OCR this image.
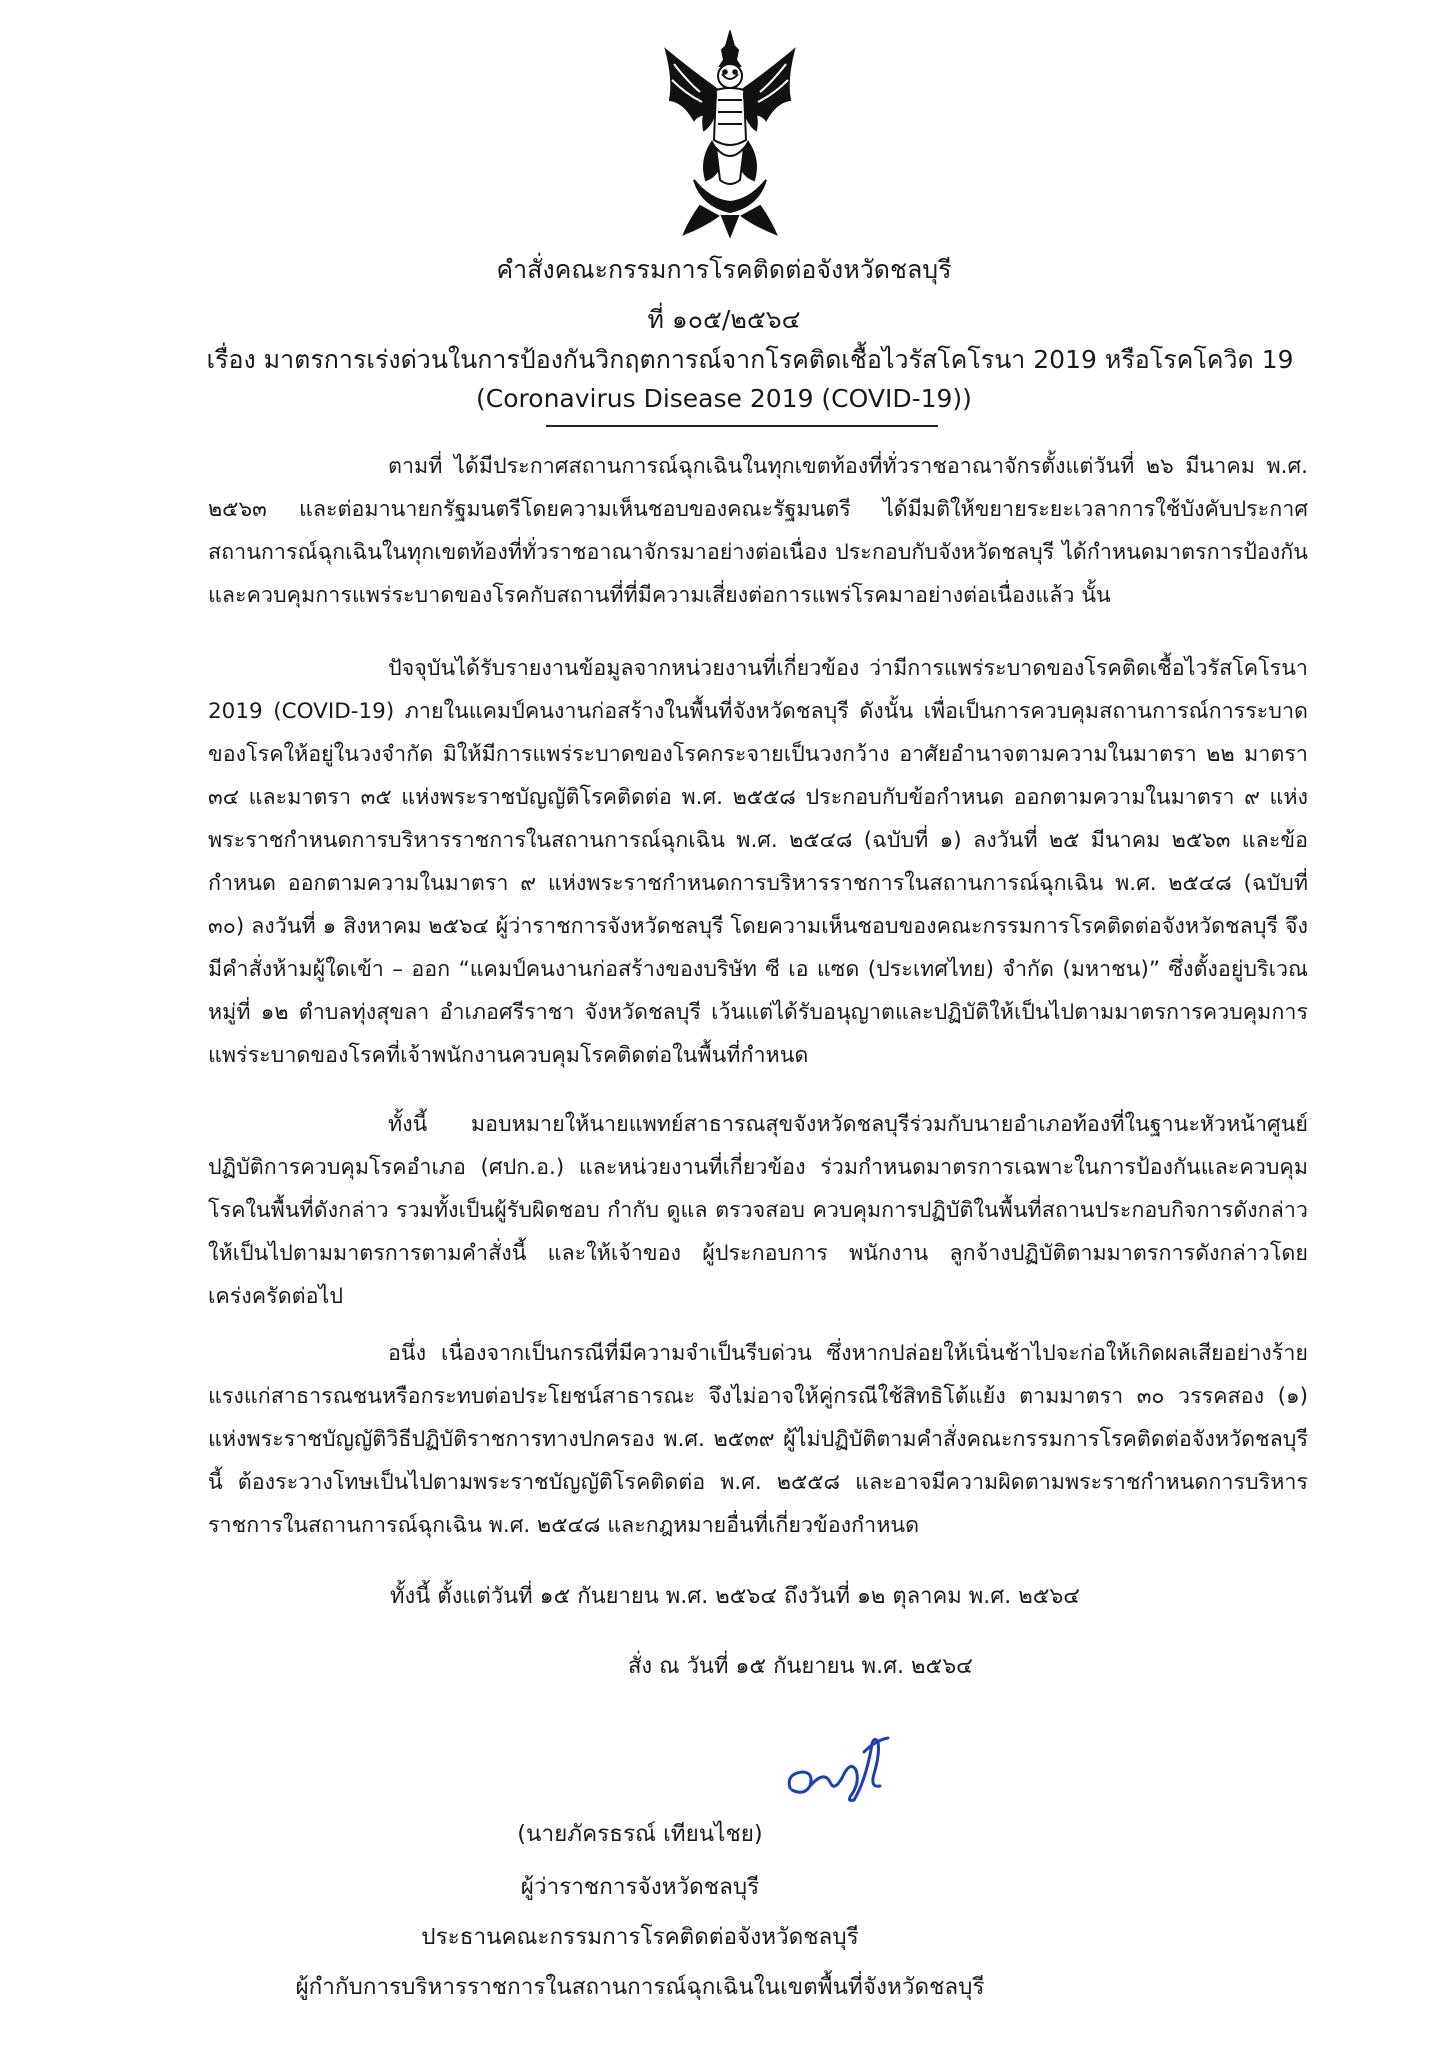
คำสั่งคณะกรรมการโรคติดต่อจังหวัดชลบุรี
ที่ ๑๐๕/๒๕๖๔
เรื่อง มาตรการเร่งด่วนในการป้องกันวิกฤตการณ์จากโรคติดเชื้อไวรัสโคโรนา 2019 หรือโรคโควิด 19
(Coronavirus Disease 2019 (COVID-19))

ตามที่ ได้มีประกาศสถานการณ์ฉุกเฉินในทุกเขตท้องที่ทั่วราชอาณาจักรตั้งแต่วันที่ ๒๖ มีนาคม พ.ศ. ๒๕๖๓ และต่อมานายกรัฐมนตรีโดยความเห็นชอบของคณะรัฐมนตรี ได้มีมติให้ขยายระยะเวลาการใช้บังคับประกาศสถานการณ์ฉุกเฉินในทุกเขตท้องที่ทั่วราชอาณาจักรมาอย่างต่อเนื่อง ประกอบกับจังหวัดชลบุรี ได้กำหนดมาตรการป้องกันและควบคุมการแพร่ระบาดของโรคกับสถานที่ที่มีความเสี่ยงต่อการแพร่โรคมาอย่างต่อเนื่องแล้ว นั้น

ปัจจุบันได้รับรายงานข้อมูลจากหน่วยงานที่เกี่ยวข้อง ว่ามีการแพร่ระบาดของโรคติดเชื้อไวรัสโคโรนา 2019 (COVID-19) ภายในแคมป์คนงานก่อสร้างในพื้นที่จังหวัดชลบุรี ดังนั้น เพื่อเป็นการควบคุมสถานการณ์การระบาดของโรคให้อยู่ในวงจำกัด มิให้มีการแพร่ระบาดของโรคกระจายเป็นวงกว้าง อาศัยอำนาจตามความในมาตรา ๒๒ มาตรา ๓๔ และมาตรา ๓๕ แห่งพระราชบัญญัติโรคติดต่อ พ.ศ. ๒๕๕๘ ประกอบกับข้อกำหนด ออกตามความในมาตรา ๙ แห่งพระราชกำหนดการบริหารราชการในสถานการณ์ฉุกเฉิน พ.ศ. ๒๕๔๘ (ฉบับที่ ๑) ลงวันที่ ๒๕ มีนาคม ๒๕๖๓ และข้อกำหนด ออกตามความในมาตรา ๙ แห่งพระราชกำหนดการบริหารราชการในสถานการณ์ฉุกเฉิน พ.ศ. ๒๕๔๘ (ฉบับที่ ๓๐) ลงวันที่ ๑ สิงหาคม ๒๕๖๔ ผู้ว่าราชการจังหวัดชลบุรี โดยความเห็นชอบของคณะกรรมการโรคติดต่อจังหวัดชลบุรี จึงมีคำสั่งห้ามผู้ใดเข้า – ออก “แคมป์คนงานก่อสร้างของบริษัท ซี เอ แซด (ประเทศไทย) จำกัด (มหาชน)” ซึ่งตั้งอยู่บริเวณหมู่ที่ ๑๒ ตำบลทุ่งสุขลา อำเภอศรีราชา จังหวัดชลบุรี เว้นแต่ได้รับอนุญาตและปฏิบัติให้เป็นไปตามมาตรการควบคุมการแพร่ระบาดของโรคที่เจ้าพนักงานควบคุมโรคติดต่อในพื้นที่กำหนด

ทั้งนี้ มอบหมายให้นายแพทย์สาธารณสุขจังหวัดชลบุรีร่วมกับนายอำเภอท้องที่ในฐานะหัวหน้าศูนย์ปฏิบัติการควบคุมโรคอำเภอ (ศปก.อ.) และหน่วยงานที่เกี่ยวข้อง ร่วมกำหนดมาตรการเฉพาะในการป้องกันและควบคุมโรคในพื้นที่ดังกล่าว รวมทั้งเป็นผู้รับผิดชอบ กำกับ ดูแล ตรวจสอบ ควบคุมการปฏิบัติในพื้นที่สถานประกอบกิจการดังกล่าวให้เป็นไปตามมาตรการตามคำสั่งนี้ และให้เจ้าของ ผู้ประกอบการ พนักงาน ลูกจ้างปฏิบัติตามมาตรการดังกล่าวโดยเคร่งครัดต่อไป

อนึ่ง เนื่องจากเป็นกรณีที่มีความจำเป็นรีบด่วน ซึ่งหากปล่อยให้เนิ่นช้าไปจะก่อให้เกิดผลเสียอย่างร้ายแรงแก่สาธารณชนหรือกระทบต่อประโยชน์สาธารณะ จึงไม่อาจให้คู่กรณีใช้สิทธิโต้แย้ง ตามมาตรา ๓๐ วรรคสอง (๑) แห่งพระราชบัญญัติวิธีปฏิบัติราชการทางปกครอง พ.ศ. ๒๕๓๙ ผู้ไม่ปฏิบัติตามคำสั่งคณะกรรมการโรคติดต่อจังหวัดชลบุรีนี้ ต้องระวางโทษเป็นไปตามพระราชบัญญัติโรคติดต่อ พ.ศ. ๒๕๕๘ และอาจมีความผิดตามพระราชกำหนดการบริหารราชการในสถานการณ์ฉุกเฉิน พ.ศ. ๒๕๔๘ และกฎหมายอื่นที่เกี่ยวข้องกำหนด

ทั้งนี้ ตั้งแต่วันที่ ๑๕ กันยายน พ.ศ. ๒๕๖๔ ถึงวันที่ ๑๒ ตุลาคม พ.ศ. ๒๕๖๔
สั่ง ณ วันที่ ๑๕ กันยายน พ.ศ. ๒๕๖๔
(นายภัครธรณ์ เทียนไชย)
ผู้ว่าราชการจังหวัดชลบุรี
ประธานคณะกรรมการโรคติดต่อจังหวัดชลบุรี
ผู้กำกับการบริหารราชการในสถานการณ์ฉุกเฉินในเขตพื้นที่จังหวัดชลบุรี
